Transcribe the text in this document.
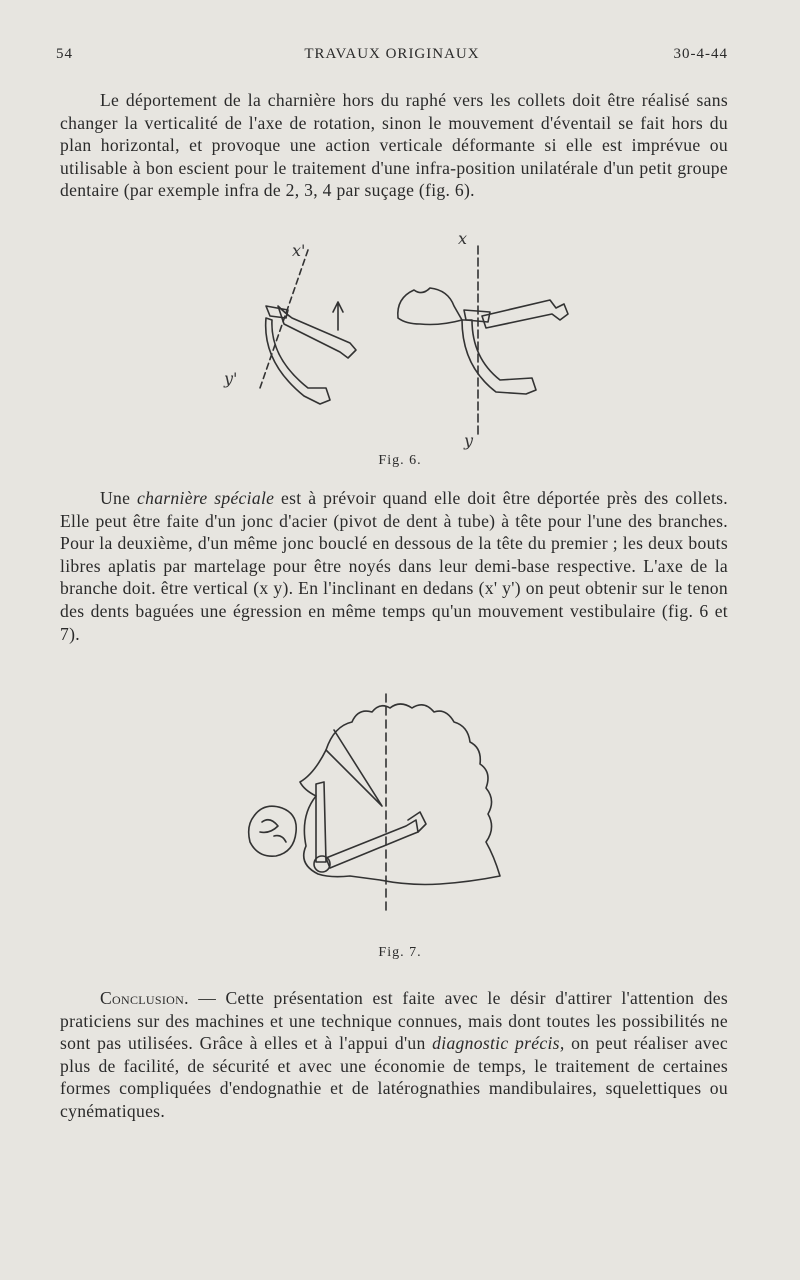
54	TRAVAUX ORIGINAUX	30-4-44

Le déportement de la charnière hors du raphé vers les collets doit être réalisé sans changer la verticalité de l'axe de rotation, sinon le mouvement d'éventail se fait hors du plan horizontal, et provoque une action verticale déformante si elle est imprévue ou utilisable à bon escient pour le traitement d'une infra-position unilatérale d'un petit groupe dentaire (par exemple infra de 2, 3, 4 par suçage (fig. 6).

x'
y'
x
y
Fig. 6.

Une charnière spéciale est à prévoir quand elle doit être déportée près des collets. Elle peut être faite d'un jonc d'acier (pivot de dent à tube) à tête pour l'une des branches. Pour la deuxième, d'un même jonc bouclé en dessous de la tête du premier ; les deux bouts libres aplatis par martelage pour être noyés dans leur demi-base respective. L'axe de la branche doit. être vertical (x y). En l'inclinant en dedans (x' y') on peut obtenir sur le tenon des dents baguées une égression en même temps qu'un mouvement vestibulaire (fig. 6 et 7).

Fig. 7.

Conclusion. — Cette présentation est faite avec le désir d'attirer l'attention des praticiens sur des machines et une technique connues, mais dont toutes les possibilités ne sont pas utilisées. Grâce à elles et à l'appui d'un diagnostic précis, on peut réaliser avec plus de facilité, de sécurité et avec une économie de temps, le traitement de certaines formes compliquées d'endognathie et de latérognathies mandibulaires, squelettiques ou cynématiques.
